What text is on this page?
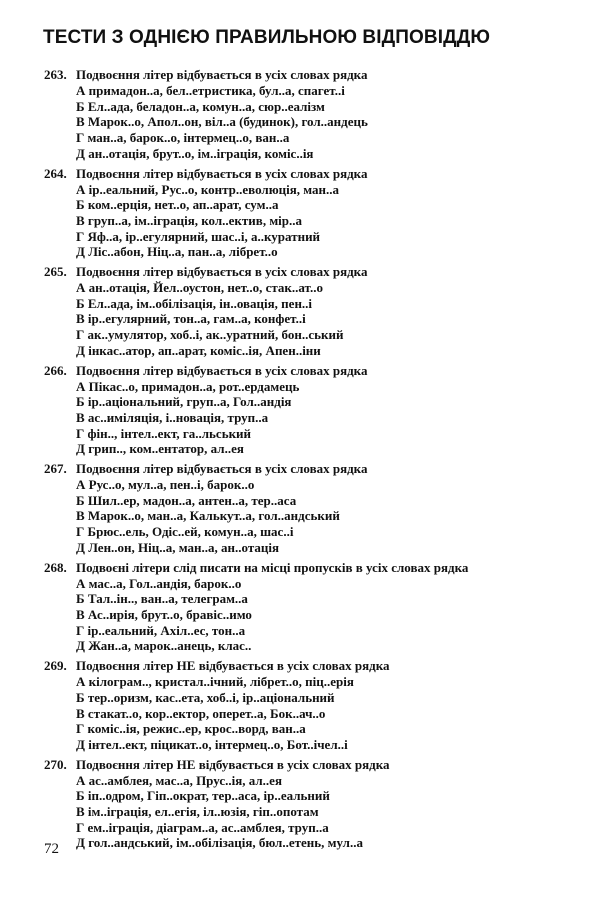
ТЕСТИ З ОДНІЄЮ ПРАВИЛЬНОЮ ВІДПОВІДДЮ
263. Подвоєння літер відбувається в усіх словах рядка
А примадон..а, бел..етристика, бул..а, спагет..і
Б Ел..ада, беладон..а, комун..а, сюр..еалізм
В Марок..о, Апол..он, віл..а (будинок), гол..андець
Г ман..а, барок..о, інтермец..о, ван..а
Д ан..отація, брут..о, ім..іграція, коміс..ія
264. Подвоєння літер відбувається в усіх словах рядка
А ір..еальний, Рус..о, контр..еволюція, ман..а
Б ком..ерція, нет..о, ап..арат, сум..а
В груп..а, ім..іграція, кол..ектив, мір..а
Г Яф..а, ір..егулярний, шас..і, а..куратний
Д Ліс..абон, Ніц..а, пан..а, лібрет..о
265. Подвоєння літер відбувається в усіх словах рядка
А ан..отація, Йел..оустон, нет..о, стак..ат..о
Б Ел..ада, ім..обілізація, ін..овація, пен..і
В ір..егулярний, тон..а, гам..а, конфет..і
Г ак..умулятор, хоб..і, ак..уратний, бон..ський
Д інкас..атор, ап..арат, коміс..ія, Апен..іни
266. Подвоєння літер відбувається в усіх словах рядка
А Пікас..о, примадон..а, рот..ердамець
Б ір..аціональний, груп..а, Гол..андія
В ас..иміляція, і..новація, труп..а
Г фін.., інтел..ект, га..льський
Д грип.., ком..ентатор, ал..ея
267. Подвоєння літер відбувається в усіх словах рядка
А Рус..о, мул..а, пен..і, барок..о
Б Шил..ер, мадон..а, антен..а, тер..аса
В Марок..о, ман..а, Калькут..а, гол..андський
Г Брюс..ель, Одіс..ей, комун..а, шас..і
Д Лен..он, Ніц..а, ман..а, ан..отація
268. Подвоєні літери слід писати на місці пропусків в усіх словах рядка
А мас..а, Гол..андія, барок..о
Б Тал..ін.., ван..а, телеграм..а
В Ас..ирія, брут..о, бравіс..имо
Г ір..еальний, Ахіл..ес, тон..а
Д Жан..а, марок..анець, клас..
269. Подвоєння літер НЕ відбувається в усіх словах рядка
А кілограм.., кристал..ічний, лібрет..о, піц..ерія
Б тер..оризм, кас..ета, хоб..і, ір..аціональний
В стакат..о, кор..ектор, оперет..а, Бок..ач..о
Г коміс..ія, режис..ер, крос..ворд, ван..а
Д інтел..ект, піцикат..о, інтермец..о, Бот..ічел..і
270. Подвоєння літер НЕ відбувається в усіх словах рядка
А ас..амблея, мас..а, Прус..ія, ал..ея
Б іп..одром, Гіп..ократ, тер..аса, ір..еальний
В ім..іграція, ел..егія, іл..юзія, гіп..опотам
Г ем..іграція, діаграм..а, ас..амблея, труп..а
Д гол..андський, ім..обілізація, бюл..етень, мул..а
72
